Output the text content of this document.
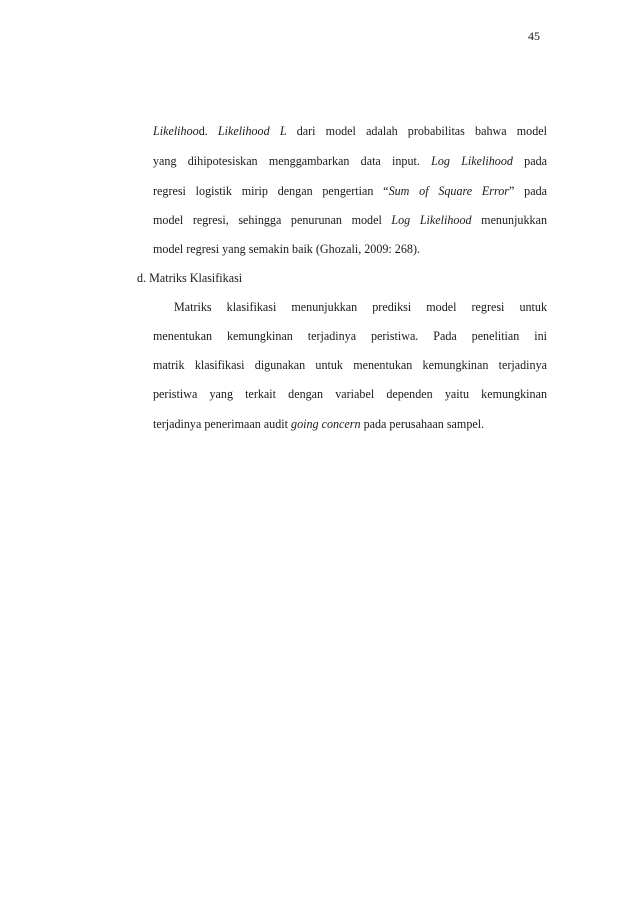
45
Likelihood. Likelihood L dari model adalah probabilitas bahwa model
yang dihipotesiskan menggambarkan data input. Log Likelihood pada
regresi logistik mirip dengan pengertian “Sum of Square Error” pada
model regresi, sehingga penurunan model Log Likelihood menunjukkan
model regresi yang semakin baik (Ghozali, 2009: 268).
d. Matriks Klasifikasi
Matriks klasifikasi menunjukkan prediksi model regresi untuk
menentukan kemungkinan terjadinya peristiwa. Pada penelitian ini
matrik klasifikasi digunakan untuk menentukan kemungkinan terjadinya
peristiwa yang terkait dengan variabel dependen yaitu kemungkinan
terjadinya penerimaan audit going concern pada perusahaan sampel.
